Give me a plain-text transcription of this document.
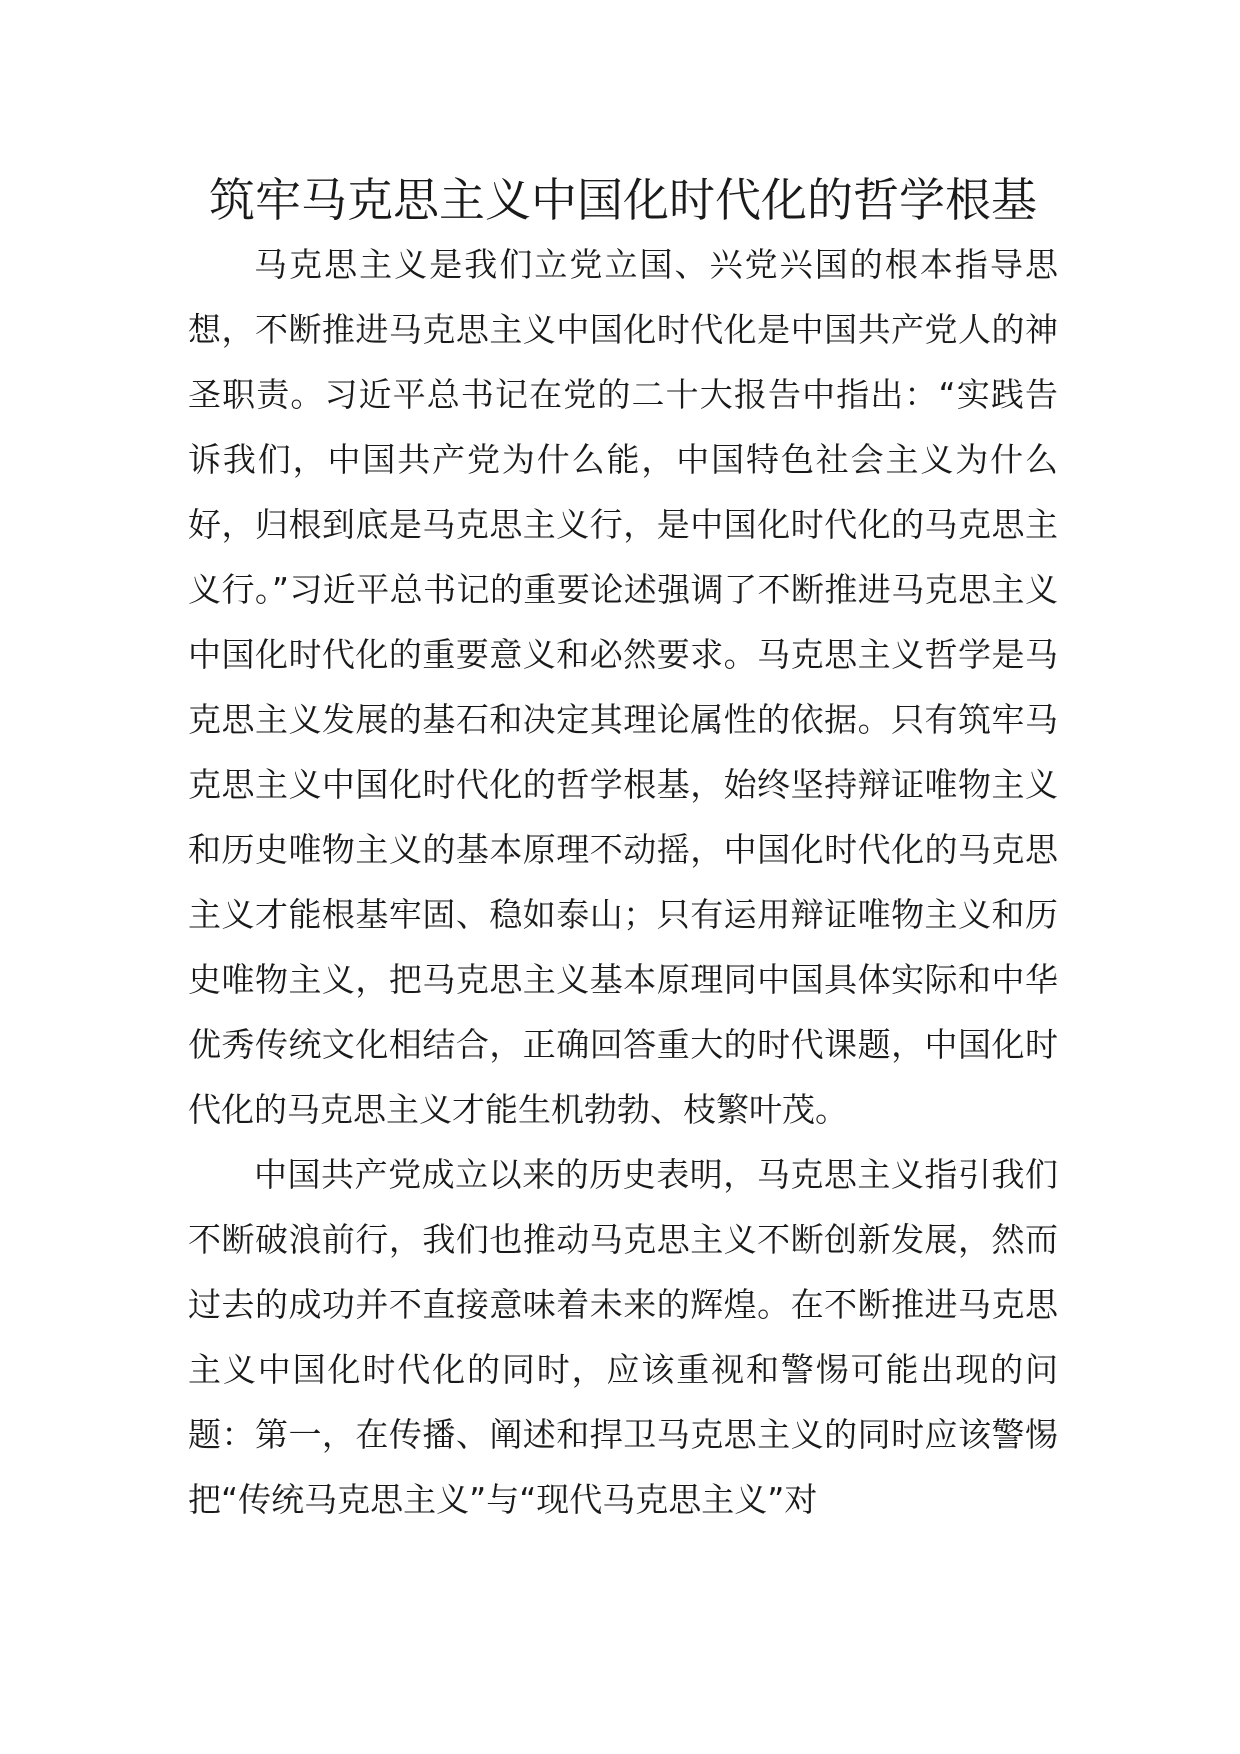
筑牢马克思主义中国化时代化的哲学根基

马克思主义是我们立党立国、兴党兴国的根本指导思想，不断推进马克思主义中国化时代化是中国共产党人的神圣职责。习近平总书记在党的二十大报告中指出：“实践告诉我们，中国共产党为什么能，中国特色社会主义为什么好，归根到底是马克思主义行，是中国化时代化的马克思主义行。”习近平总书记的重要论述强调了不断推进马克思主义中国化时代化的重要意义和必然要求。马克思主义哲学是马克思主义发展的基石和决定其理论属性的依据。只有筑牢马克思主义中国化时代化的哲学根基，始终坚持辩证唯物主义和历史唯物主义的基本原理不动摇，中国化时代化的马克思主义才能根基牢固、稳如泰山；只有运用辩证唯物主义和历史唯物主义，把马克思主义基本原理同中国具体实际和中华优秀传统文化相结合，正确回答重大的时代课题，中国化时代化的马克思主义才能生机勃勃、枝繁叶茂。

中国共产党成立以来的历史表明，马克思主义指引我们不断破浪前行，我们也推动马克思主义不断创新发展，然而过去的成功并不直接意味着未来的辉煌。在不断推进马克思主义中国化时代化的同时，应该重视和警惕可能出现的问题：第一，在传播、阐述和捍卫马克思主义的同时应该警惕把“传统马克思主义”与“现代马克思主义”对
